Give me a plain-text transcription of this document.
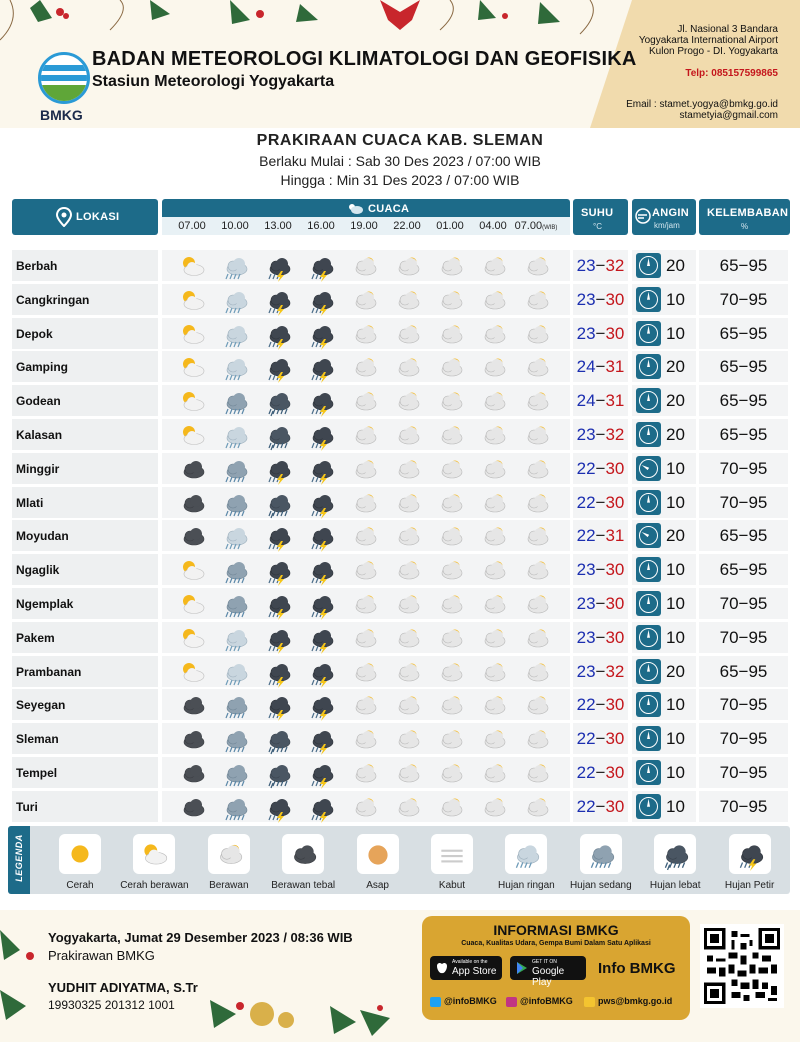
BMKG
BADAN METEOROLOGI KLIMATOLOGI DAN GEOFISIKA
Stasiun Meteorologi Yogyakarta
Jl. Nasional 3 Bandara
Yogyakarta International Airport
Kulon Progo - DI. Yogyakarta
Telp: 085157599865
Email : stamet.yogya@bmkg.go.id
stametyia@gmail.com
PRAKIRAAN CUACA KAB. SLEMAN
Berlaku Mulai : Sab 30 Des 2023 / 07:00 WIB
Hingga : Min 31 Des 2023 / 07:00 WIB
LOKASI
CUACA
07.00 10.00 13.00 16.00 19.00 22.00 01.00 04.00 07.00(WIB)
SUHU
°C
ANGIN
km/jam
KELEMBABAN
%
Berbah	23−32 20	65−95
Cangkringan	23−30 10	70−95
Depok	23−30 10	65−95
Gamping	24−31 20	65−95
Godean	24−31 20	65−95
Kalasan	23−32 20	65−95
Minggir	22−30 10	70−95
Mlati	22−30 10	70−95
Moyudan	22−31 20	65−95
Ngaglik	23−30 10	65−95
Ngemplak	23−30 10	70−95
Pakem	23−30 10	70−95
Prambanan	23−32 20	65−95
Seyegan	22−30 10	70−95
Sleman	22−30 10	70−95
Tempel	22−30 10	70−95
Turi	22−30 10	70−95
LEGENDA
Cerah	Cerah berawan	Berawan	Berawan tebal	Asap	Kabut	Hujan ringan	Hujan sedang	Hujan lebat	Hujan Petir
Yogyakarta, Jumat 29 Desember 2023 / 08:36 WIB
Prakirawan BMKG
YUDHIT ADIYATMA, S.Tr
19930325 201312 1001
INFORMASI BMKG
Cuaca, Kualitas Udara, Gempa Bumi Dalam Satu Aplikasi
Available on the
App Store
GET IT ON
Google Play
Info BMKG
@infoBMKG	@infoBMKG	pws@bmkg.go.id
